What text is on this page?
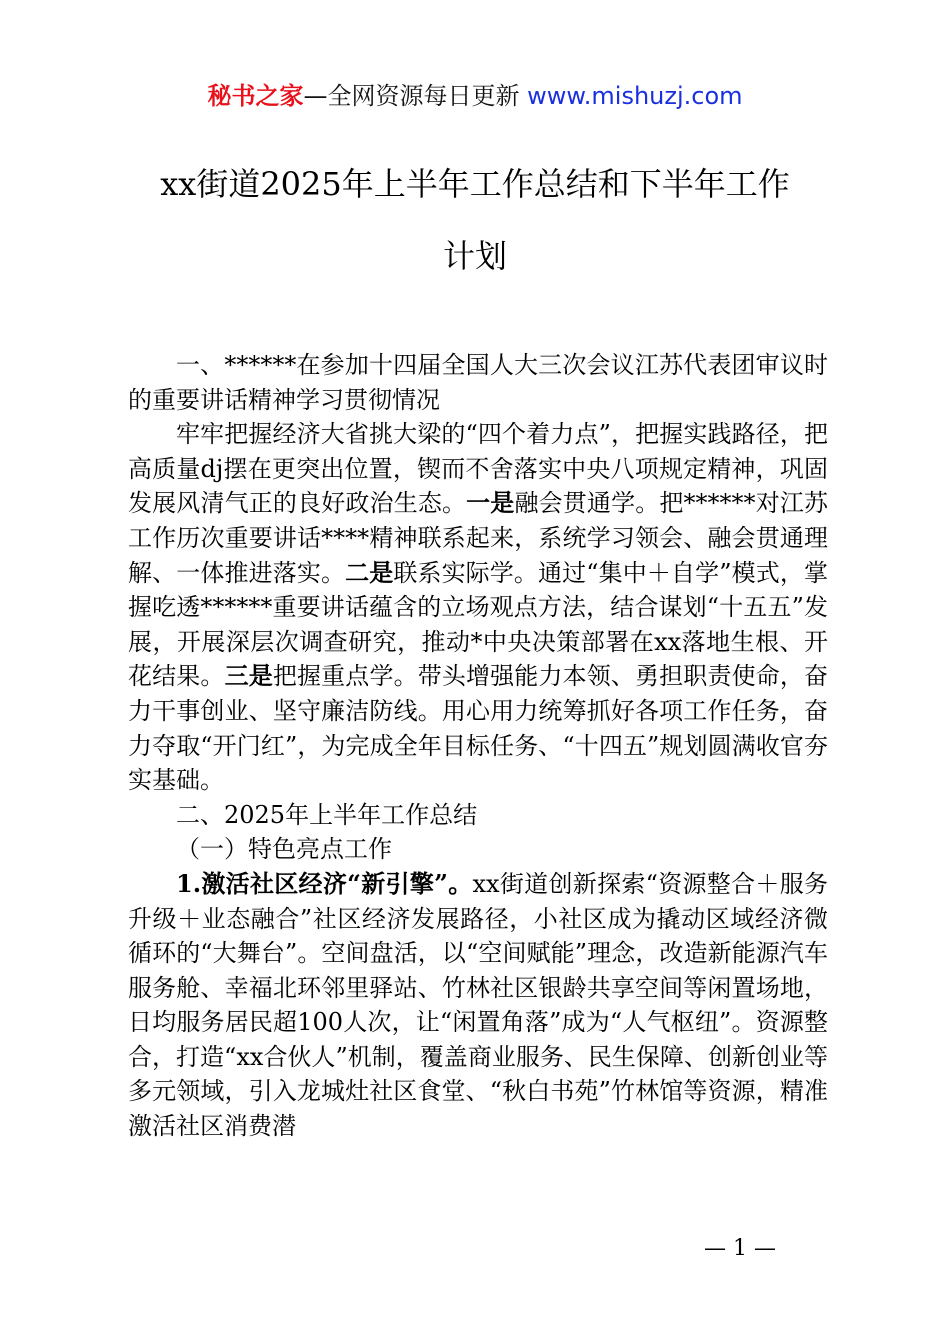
秘书之家—全网资源每日更新 www.mishuzj.com
xx街道2025年上半年工作总结和下半年工作
计划

一、******在参加十四届全国人大三次会议江苏代表团审议时的重要讲话精神学习贯彻情况

牢牢把握经济大省挑大梁的“四个着力点”，把握实践路径，把高质量dj摆在更突出位置，锲而不舍落实中央八项规定精神，巩固发展风清气正的良好政治生态。一是融会贯通学。把******对江苏工作历次重要讲话****精神联系起来，系统学习领会、融会贯通理解、一体推进落实。二是联系实际学。通过“集中＋自学”模式，掌握吃透******重要讲话蕴含的立场观点方法，结合谋划“十五五”发展，开展深层次调查研究，推动*中央决策部署在xx落地生根、开花结果。三是把握重点学。带头增强能力本领、勇担职责使命，奋力干事创业、坚守廉洁防线。用心用力统筹抓好各项工作任务，奋力夺取“开门红”，为完成全年目标任务、“十四五”规划圆满收官夯实基础。

二、2025年上半年工作总结

（一）特色亮点工作

1.激活社区经济“新引擎”。xx街道创新探索“资源整合＋服务升级＋业态融合”社区经济发展路径，小社区成为撬动区域经济微循环的“大舞台”。空间盘活，以“空间赋能”理念，改造新能源汽车服务舱、幸福北环邻里驿站、竹林社区银龄共享空间等闲置场地，日均服务居民超100人次，让“闲置角落”成为“人气枢纽”。资源整合，打造“xx合伙人”机制，覆盖商业服务、民生保障、创新创业等多元领域，引入龙城灶社区食堂、“秋白书苑”竹林馆等资源，精准激活社区消费潜

— 1 —
